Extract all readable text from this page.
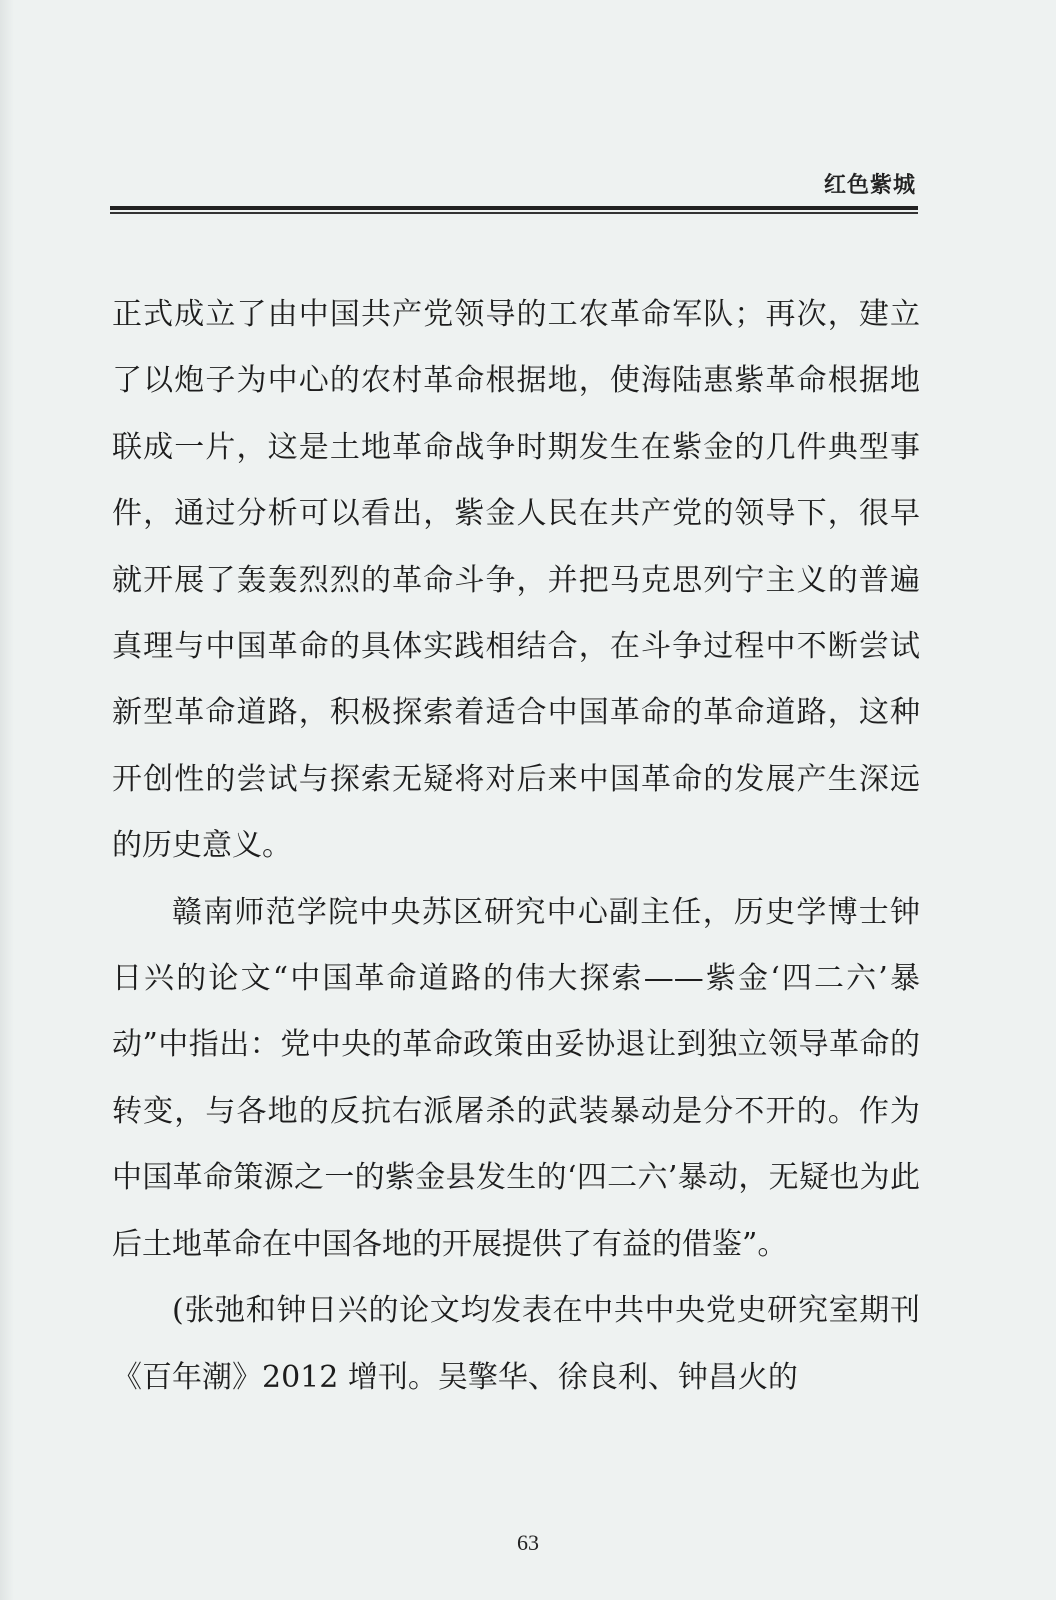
红色紫城

正式成立了由中国共产党领导的工农革命军队；再次，建立了以炮子为中心的农村革命根据地，使海陆惠紫革命根据地联成一片，这是土地革命战争时期发生在紫金的几件典型事件，通过分析可以看出，紫金人民在共产党的领导下，很早就开展了轰轰烈烈的革命斗争，并把马克思列宁主义的普遍真理与中国革命的具体实践相结合，在斗争过程中不断尝试新型革命道路，积极探索着适合中国革命的革命道路，这种开创性的尝试与探索无疑将对后来中国革命的发展产生深远的历史意义。

赣南师范学院中央苏区研究中心副主任，历史学博士钟日兴的论文“中国革命道路的伟大探索——紫金‘四二六’暴动”中指出：党中央的革命政策由妥协退让到独立领导革命的转变，与各地的反抗右派屠杀的武装暴动是分不开的。作为中国革命策源之一的紫金县发生的‘四二六’暴动，无疑也为此后土地革命在中国各地的开展提供了有益的借鉴”。

(张弛和钟日兴的论文均发表在中共中央党史研究室期刊《百年潮》2012 增刊。吴擎华、徐良利、钟昌火的

63
